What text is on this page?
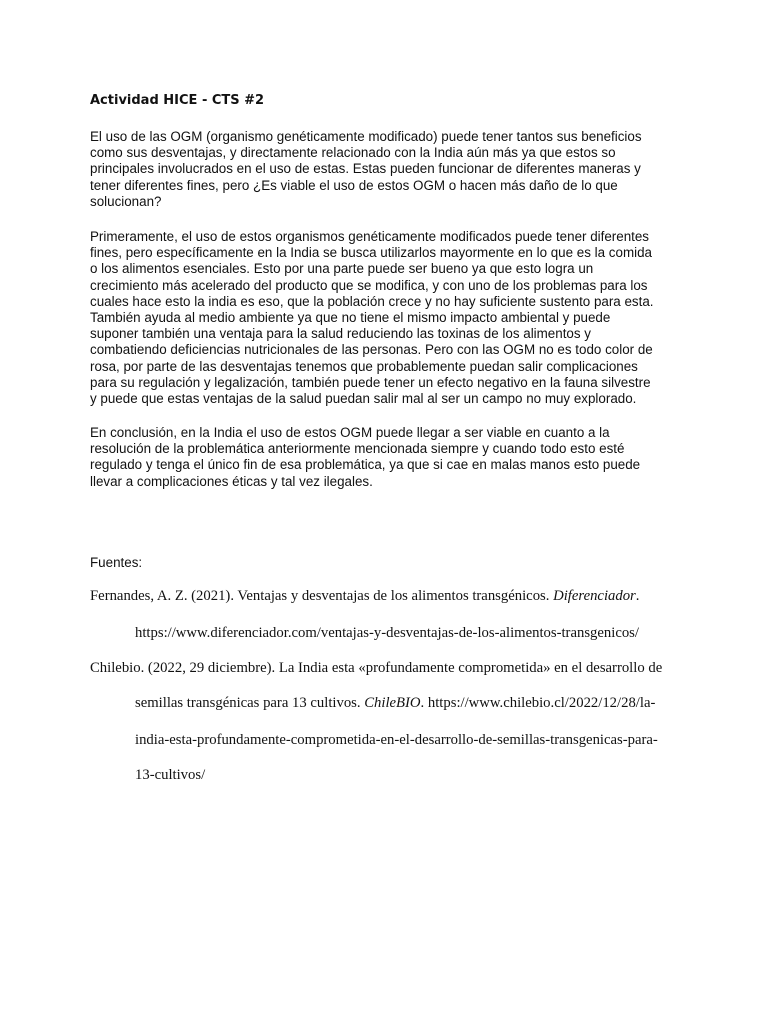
Actividad HICE - CTS #2
El uso de las OGM (organismo genéticamente modificado) puede tener tantos sus beneficios
como sus desventajas, y directamente relacionado con la India aún más ya que estos so
principales involucrados en el uso de estas. Estas pueden funcionar de diferentes maneras y
tener diferentes fines, pero ¿Es viable el uso de estos OGM o hacen más daño de lo que
solucionan?
Primeramente, el uso de estos organismos genéticamente modificados puede tener diferentes
fines, pero específicamente en la India se busca utilizarlos mayormente en lo que es la comida
o los alimentos esenciales. Esto por una parte puede ser bueno ya que esto logra un
crecimiento más acelerado del producto que se modifica, y con uno de los problemas para los
cuales hace esto la india es eso, que la población crece y no hay suficiente sustento para esta.
También ayuda al medio ambiente ya que no tiene el mismo impacto ambiental y puede
suponer también una ventaja para la salud reduciendo las toxinas de los alimentos y
combatiendo deficiencias nutricionales de las personas. Pero con las OGM no es todo color de
rosa, por parte de las desventajas tenemos que probablemente puedan salir complicaciones
para su regulación y legalización, también puede tener un efecto negativo en la fauna silvestre
y puede que estas ventajas de la salud puedan salir mal al ser un campo no muy explorado.
En conclusión, en la India el uso de estos OGM puede llegar a ser viable en cuanto a la
resolución de la problemática anteriormente mencionada siempre y cuando todo esto esté
regulado y tenga el único fin de esa problemática, ya que si cae en malas manos esto puede
llevar a complicaciones éticas y tal vez ilegales.
Fuentes:
Fernandes, A. Z. (2021). Ventajas y desventajas de los alimentos transgénicos. Diferenciador.
https://www.diferenciador.com/ventajas-y-desventajas-de-los-alimentos-transgenicos/
Chilebio. (2022, 29 diciembre). La India esta «profundamente comprometida» en el desarrollo de
semillas transgénicas para 13 cultivos. ChileBIO. https://www.chilebio.cl/2022/12/28/la-
india-esta-profundamente-comprometida-en-el-desarrollo-de-semillas-transgenicas-para-
13-cultivos/
